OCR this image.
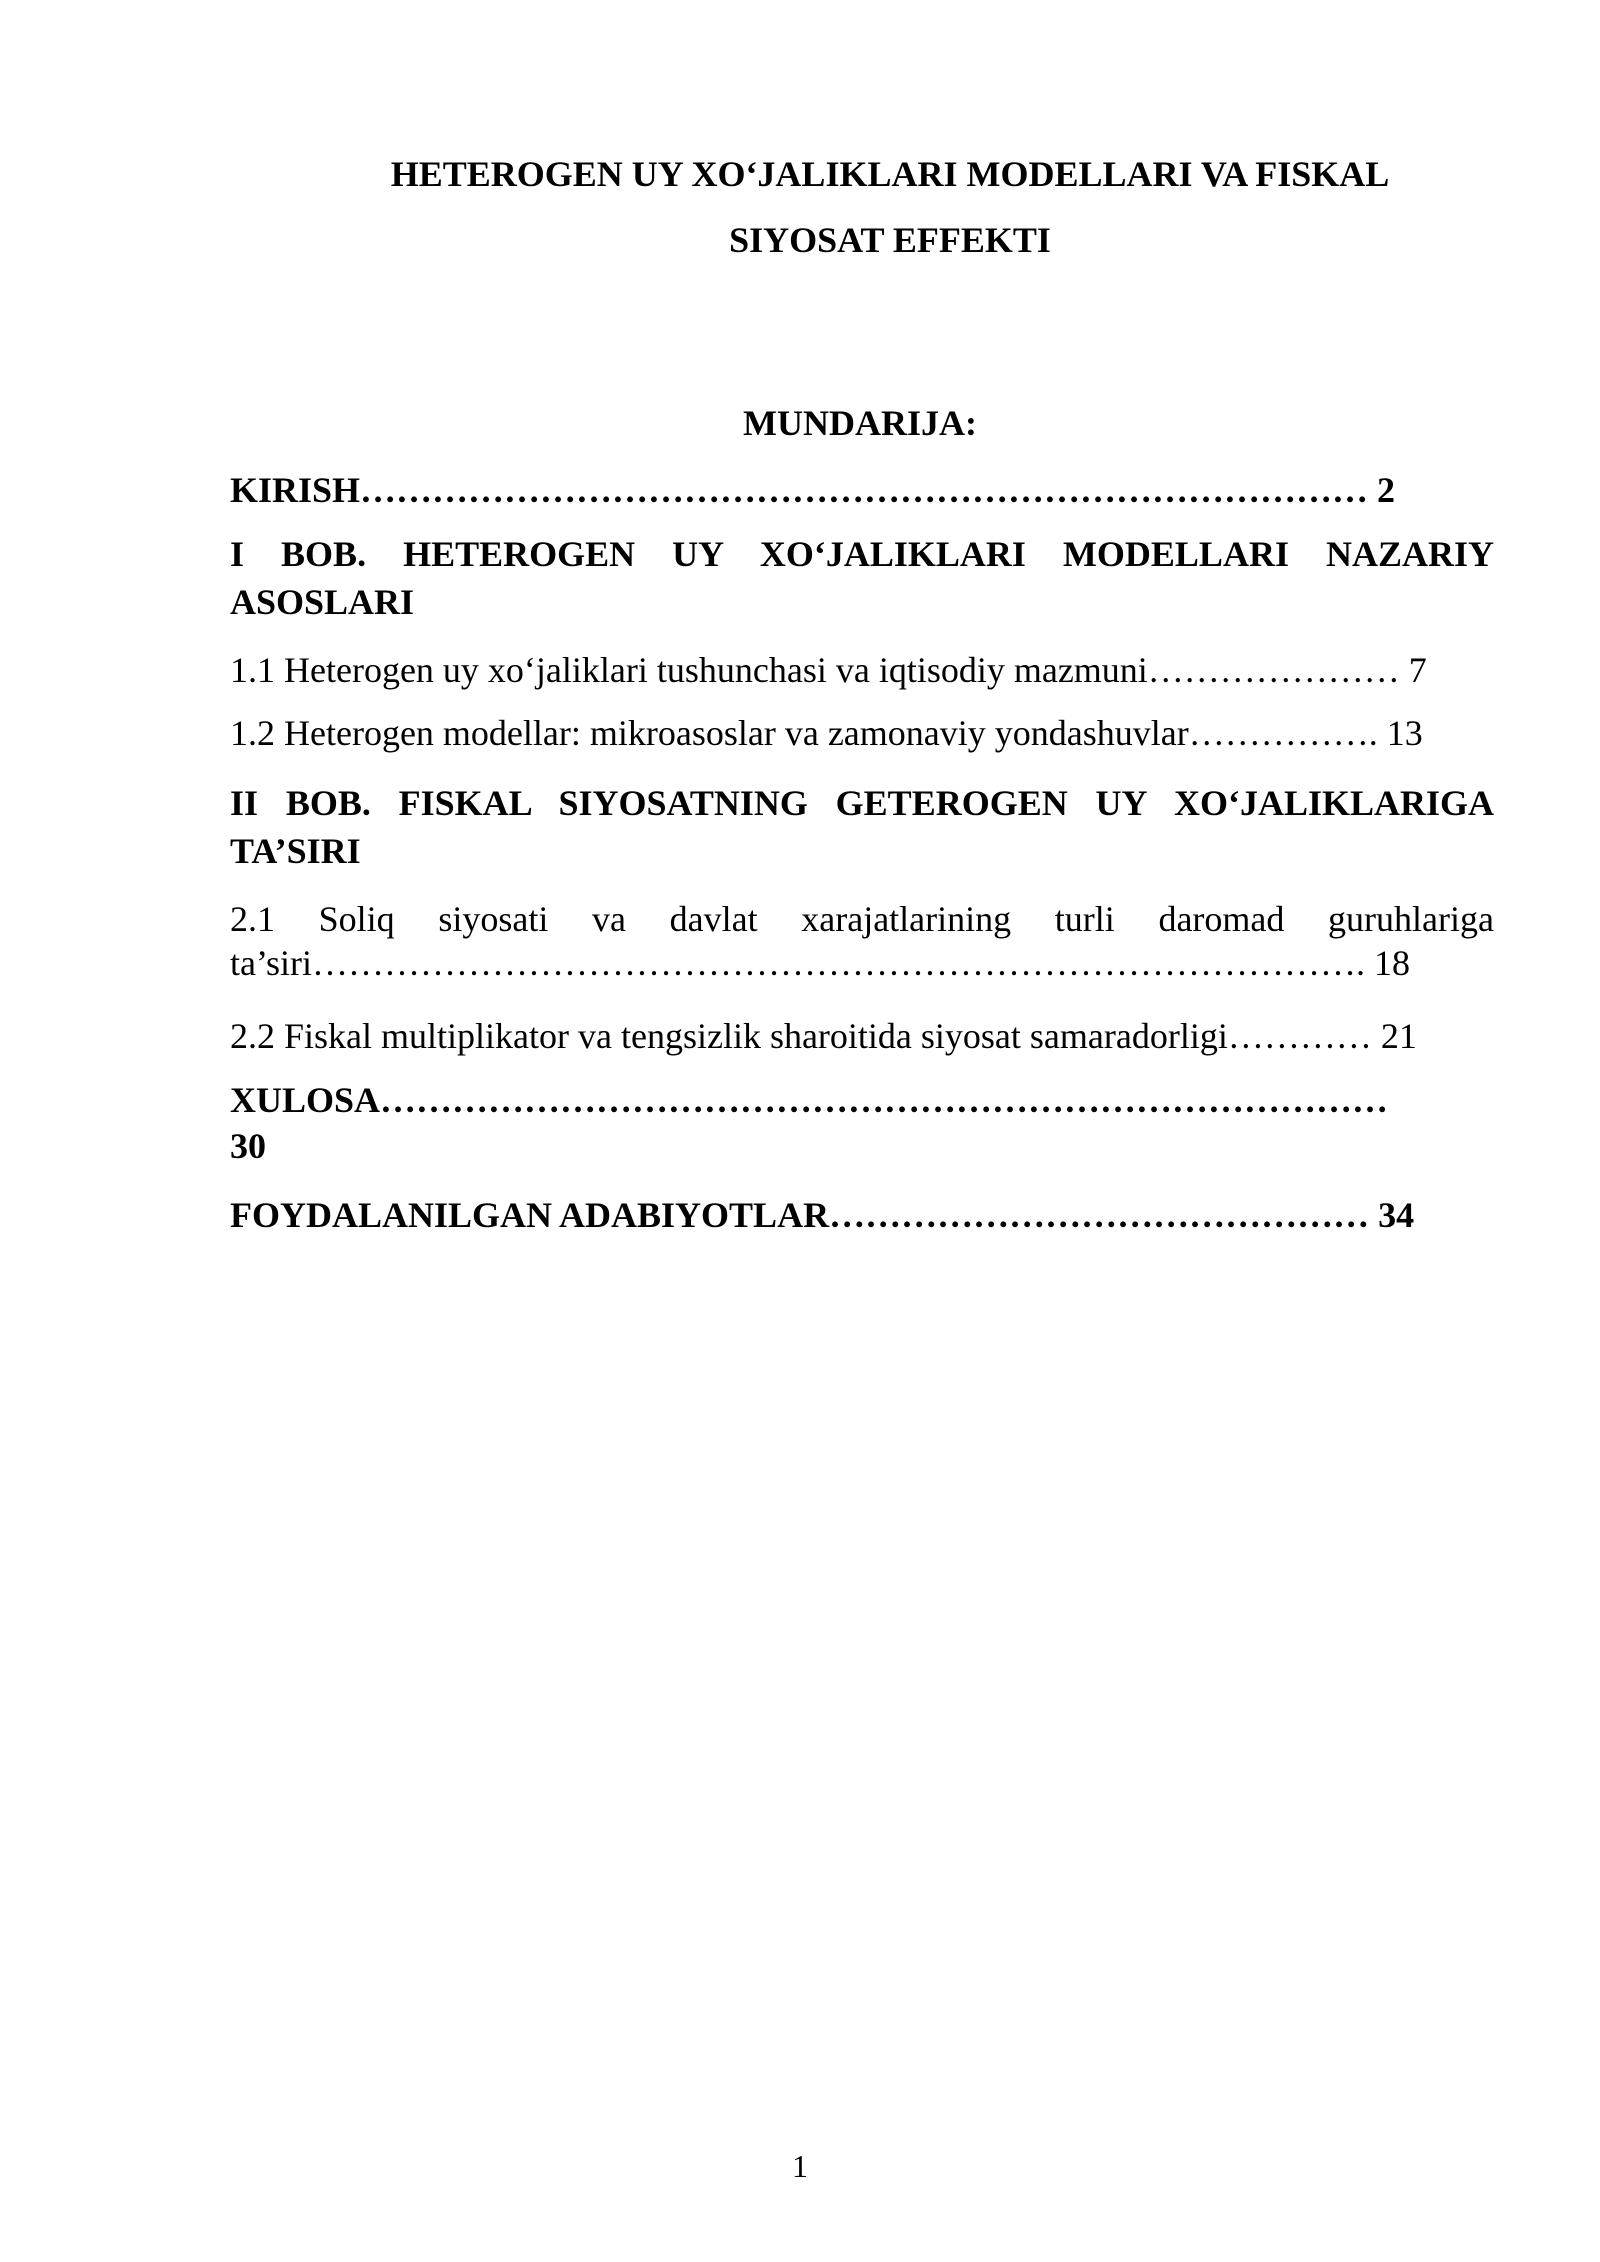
HETEROGEN UY XO‘JALIKLARI MODELLARI VA FISKAL
SIYOSAT EFFEKTI
MUNDARIJA:
KIRISH………………………………………………………………………… 2
I BOB. HETEROGEN UY XO‘JALIKLARI MODELLARI NAZARIY
ASOSLARI
1.1 Heterogen uy xo‘jaliklari tushunchasi va iqtisodiy mazmuni………………… 7
1.2 Heterogen modellar: mikroasoslar va zamonaviy yondashuvlar……………. 13
II BOB. FISKAL SIYOSATNING GETEROGEN UY XO‘JALIKLARIGA
TA’SIRI
2.1 Soliq siyosati va davlat xarajatlarining turli daromad guruhlariga
ta’siri……………………………………………………………………………. 18
2.2 Fiskal multiplikator va tengsizlik sharoitida siyosat samaradorligi………… 21
XULOSA…………………………………………………………………………
30
FOYDALANILGAN ADABIYOTLAR……………………………………… 34
1
